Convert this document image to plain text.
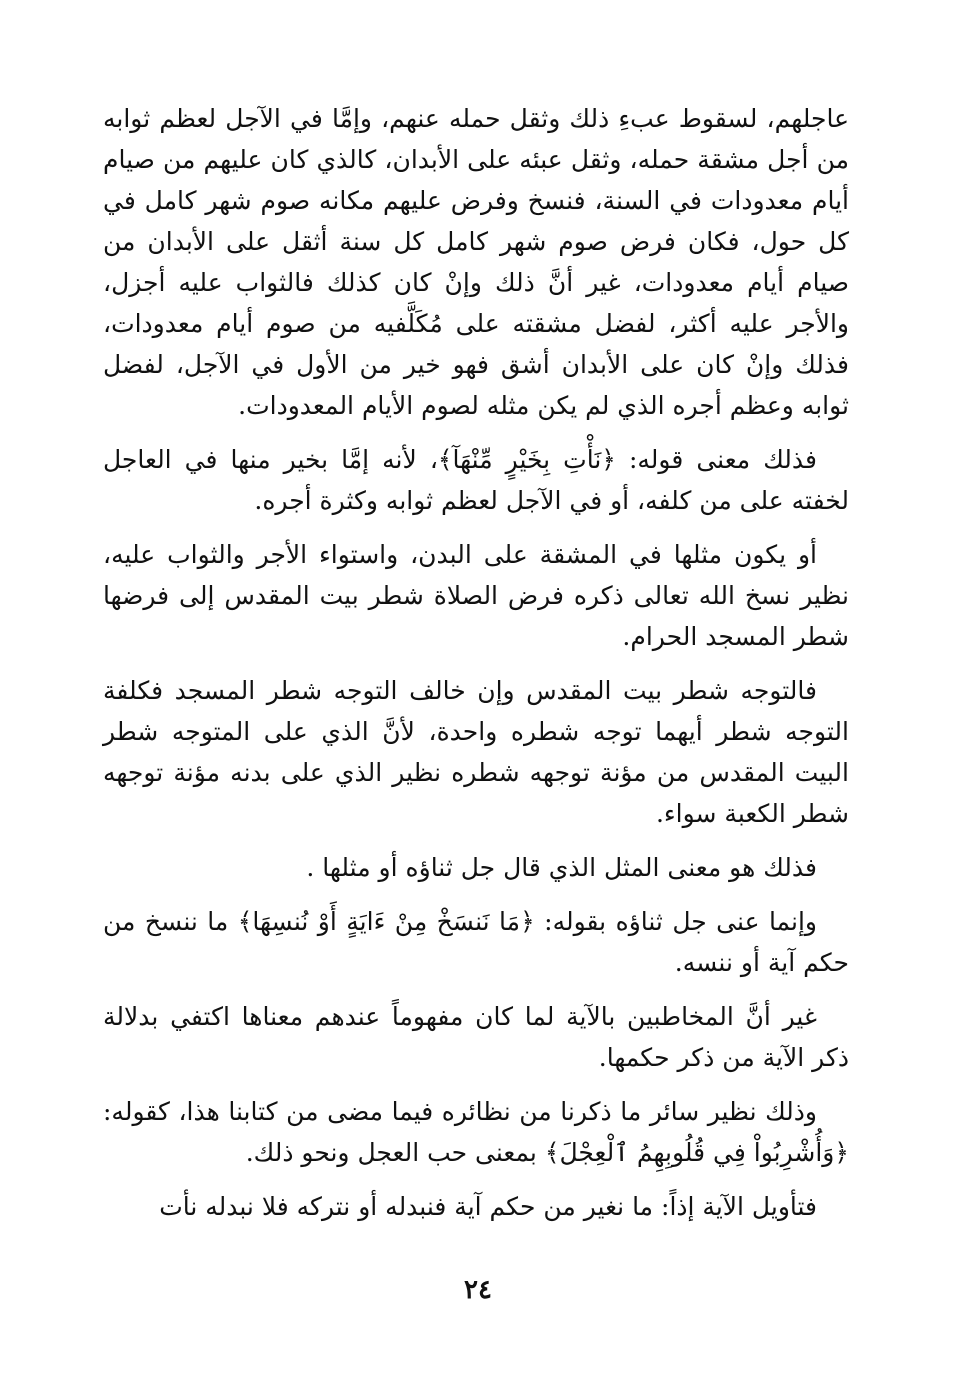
عاجلهم، لسقوط عبءِ ذلك وثقل حمله عنهم، وإمَّا في الآجل لعظم ثوابه من أجل مشقة حمله، وثقل عبئه على الأبدان، كالذي كان عليهم من صيام أيام معدودات في السنة، فنسخ وفرض عليهم مكانه صوم شهر كامل في كل حول، فكان فرض صوم شهر كامل كل سنة أثقل على الأبدان من صيام أيام معدودات، غير أنَّ ذلك وإنْ كان كذلك فالثواب عليه أجزل، والأجر عليه أكثر، لفضل مشقته على مُكَلَّفيه من صوم أيام معدودات، فذلك وإنْ كان على الأبدان أشق فهو خير من الأول في الآجل، لفضل ثوابه وعظم أجره الذي لم يكن مثله لصوم الأيام المعدودات.

فذلك معنى قوله: ﴿نَأْتِ بِخَيْرٍ مِّنْهَآ﴾، لأنه إمَّا بخير منها في العاجل لخفته على من كلفه، أو في الآجل لعظم ثوابه وكثرة أجره.

أو يكون مثلها في المشقة على البدن، واستواء الأجر والثواب عليه، نظير نسخ الله تعالى ذكره فرض الصلاة شطر بيت المقدس إلى فرضها شطر المسجد الحرام.

فالتوجه شطر بيت المقدس وإن خالف التوجه شطر المسجد فكلفة التوجه شطر أيهما توجه شطره واحدة، لأنَّ الذي على المتوجه شطر البيت المقدس من مؤنة توجهه شطره نظير الذي على بدنه مؤنة توجهه شطر الكعبة سواء.

فذلك هو معنى المثل الذي قال جل ثناؤه أو مثلها .

وإنما عنى جل ثناؤه بقوله: ﴿مَا نَنسَخْ مِنْ ءَايَةٍ أَوْ نُنسِهَا﴾ ما ننسخ من حكم آية أو ننسه.

غير أنَّ المخاطبين بالآية لما كان مفهوماً عندهم معناها اكتفي بدلالة ذكر الآية من ذكر حكمها.

وذلك نظير سائر ما ذكرنا من نظائره فيما مضى من كتابنا هذا، كقوله: ﴿وَأُشْرِبُواْ فِي قُلُوبِهِمُ ٱلْعِجْلَ﴾ بمعنى حب العجل ونحو ذلك.

فتأويل الآية إذاً: ما نغير من حكم آية فنبدله أو نتركه فلا نبدله نأت

٢٤
